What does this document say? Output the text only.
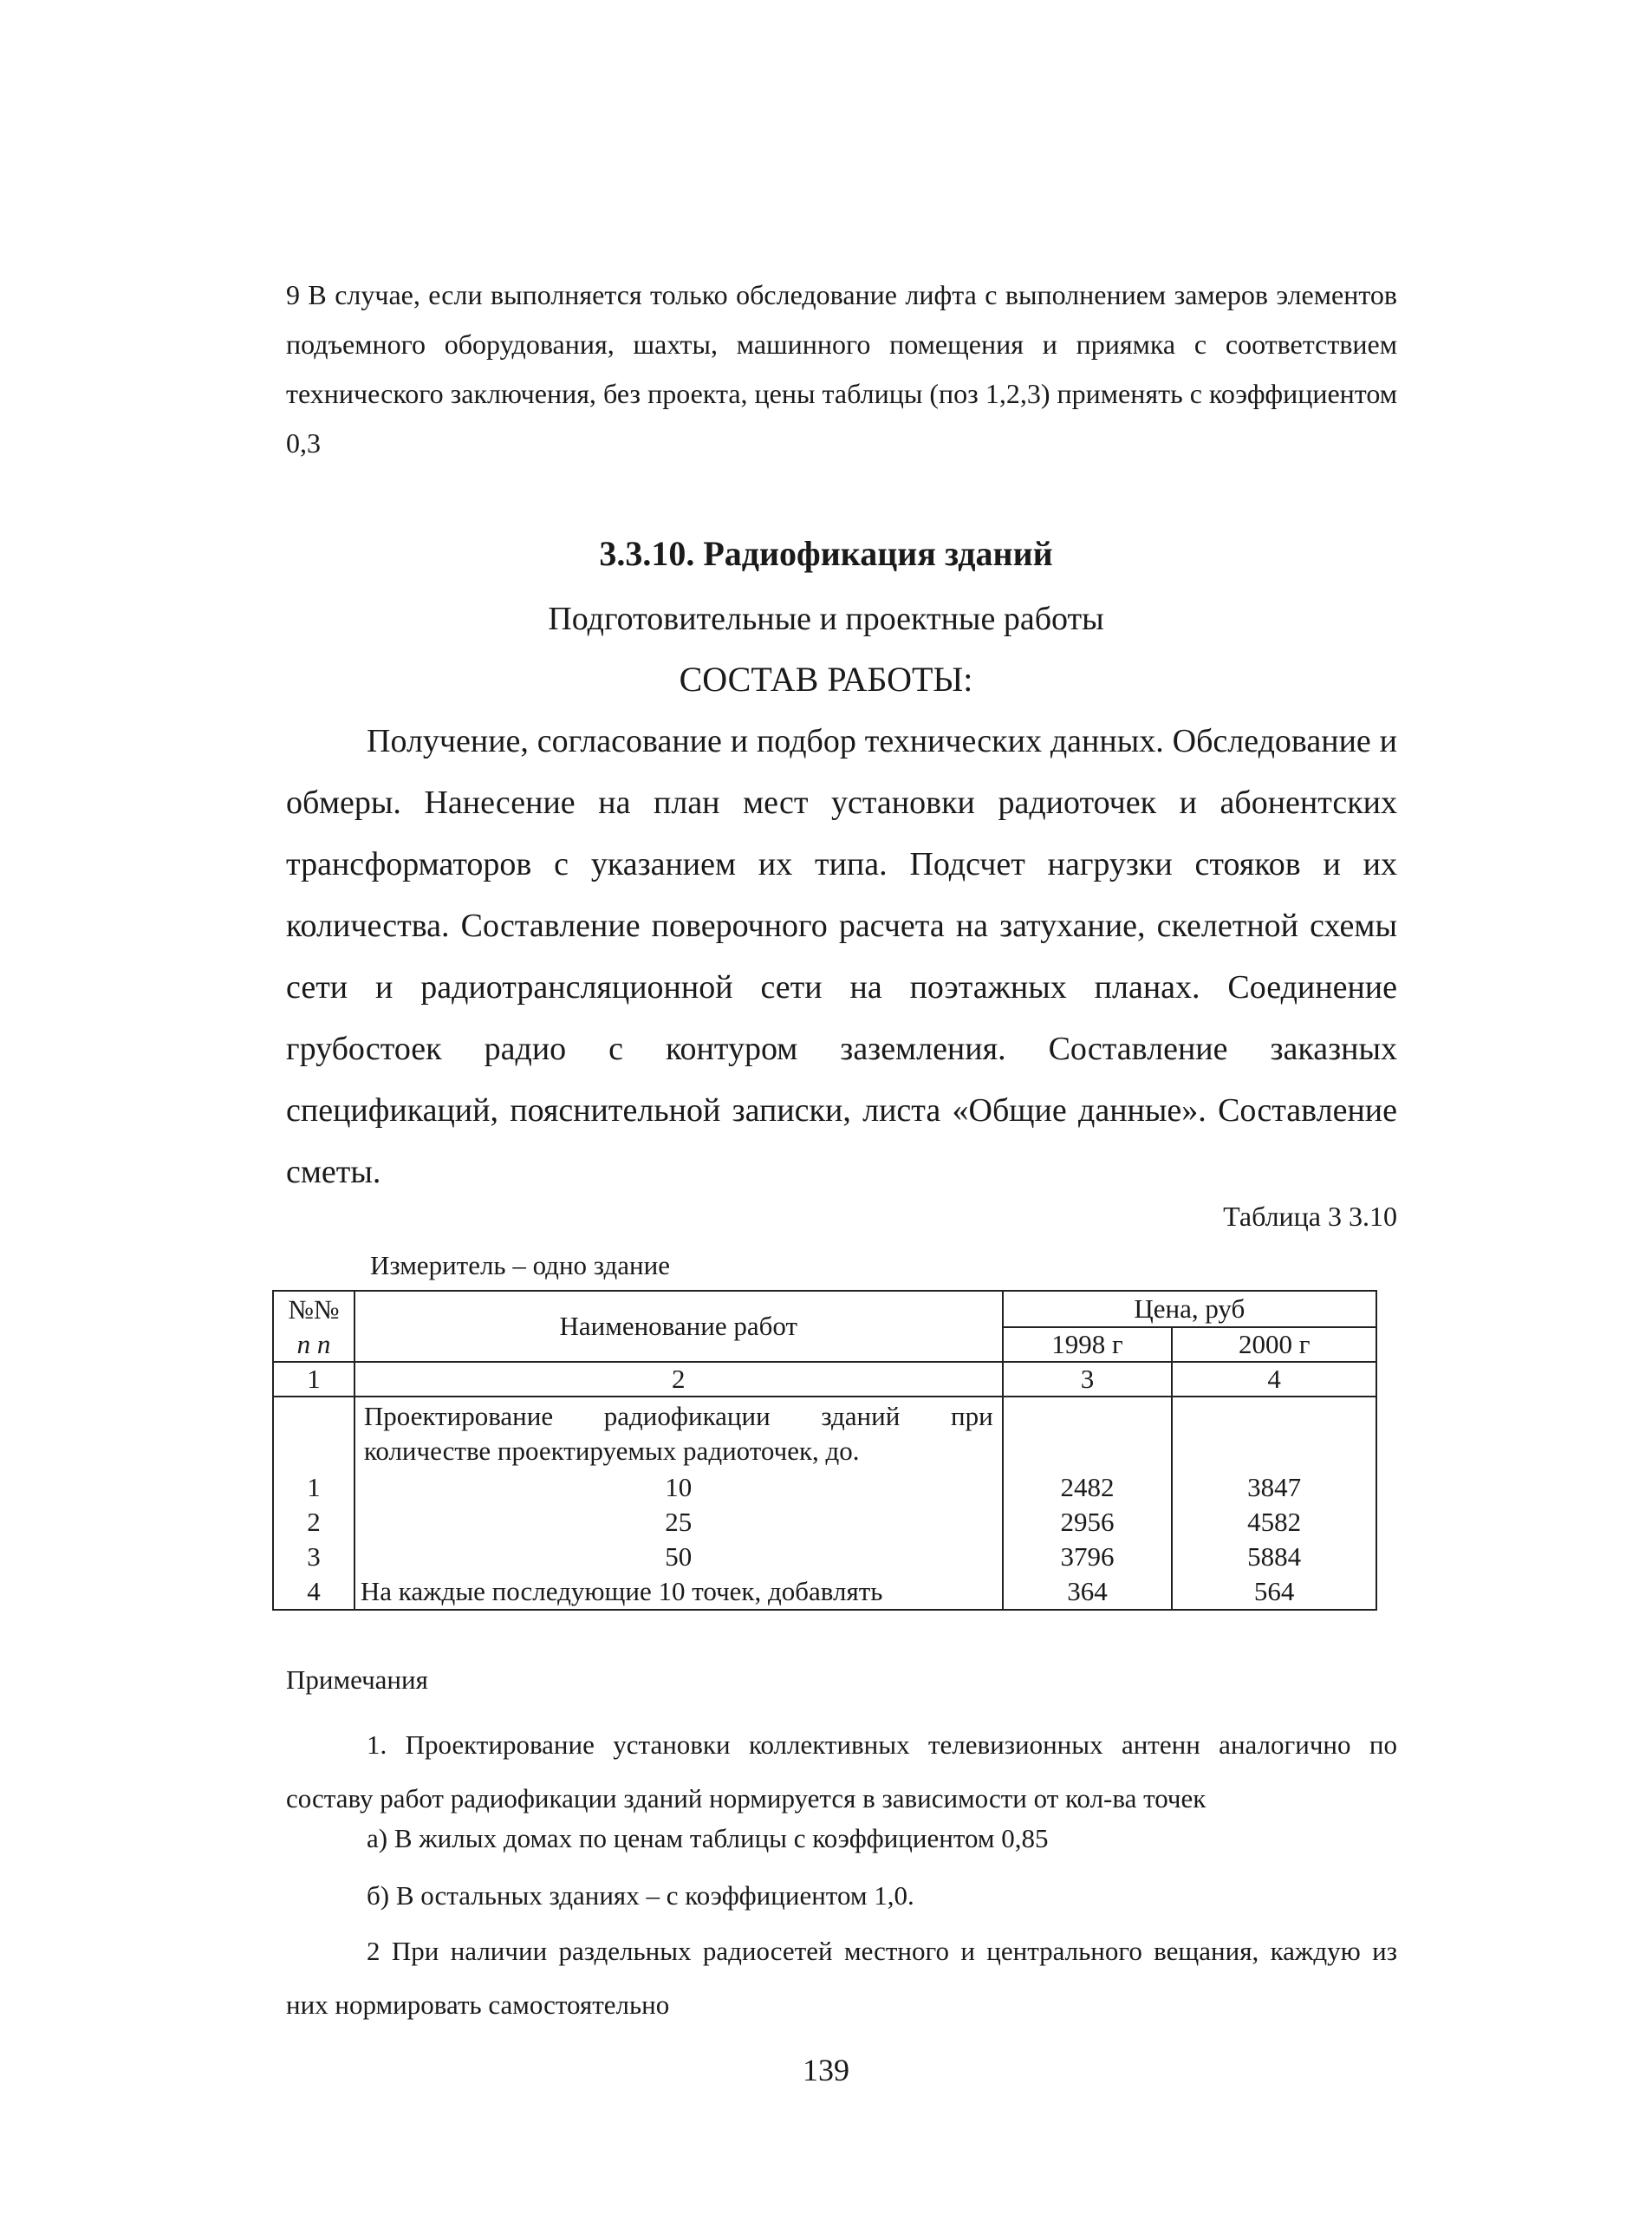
9 В случае, если выполняется только обследование лифта с выполнением замеров элементов подъемного оборудования, шахты, машинного помещения и приямка с соответствием технического заключения, без проекта, цены таблицы (поз 1,2,3) применять с коэффициентом 0,3
3.3.10. Радиофикация зданий
Подготовительные и проектные работы
СОСТАВ РАБОТЫ:
Получение, согласование и подбор технических данных. Обследование и обмеры. Нанесение на план мест установки радиоточек и абонентских трансформаторов с указанием их типа. Подсчет нагрузки стояков и их количества. Составление поверочного расчета на затухание, скелетной схемы сети и радиотрансляционной сети на поэтажных планах. Соединение грубостоек радио с контуром заземления. Составление заказных спецификаций, пояснительной записки, листа «Общие данные». Составление сметы.
Таблица 3 3.10
Измеритель – одно здание
№№	Наименование работ	Цена, руб	
п п		1998 г	2000 г
1	2	3	4
	Проектирование радиофикации зданий при количестве проектируемых радиоточек, до.		
1	10	2482	3847
2	25	2956	4582
3	50	3796	5884
4	На каждые последующие 10 точек, добавлять	364	564
Примечания
1. Проектирование установки коллективных телевизионных антенн аналогично по составу работ радиофикации зданий нормируется в зависимости от кол-ва точек
а) В жилых домах по ценам таблицы с коэффициентом 0,85
б) В остальных зданиях – с коэффициентом 1,0.
2 При наличии раздельных радиосетей местного и центрального вещания, каждую из них нормировать самостоятельно
139
